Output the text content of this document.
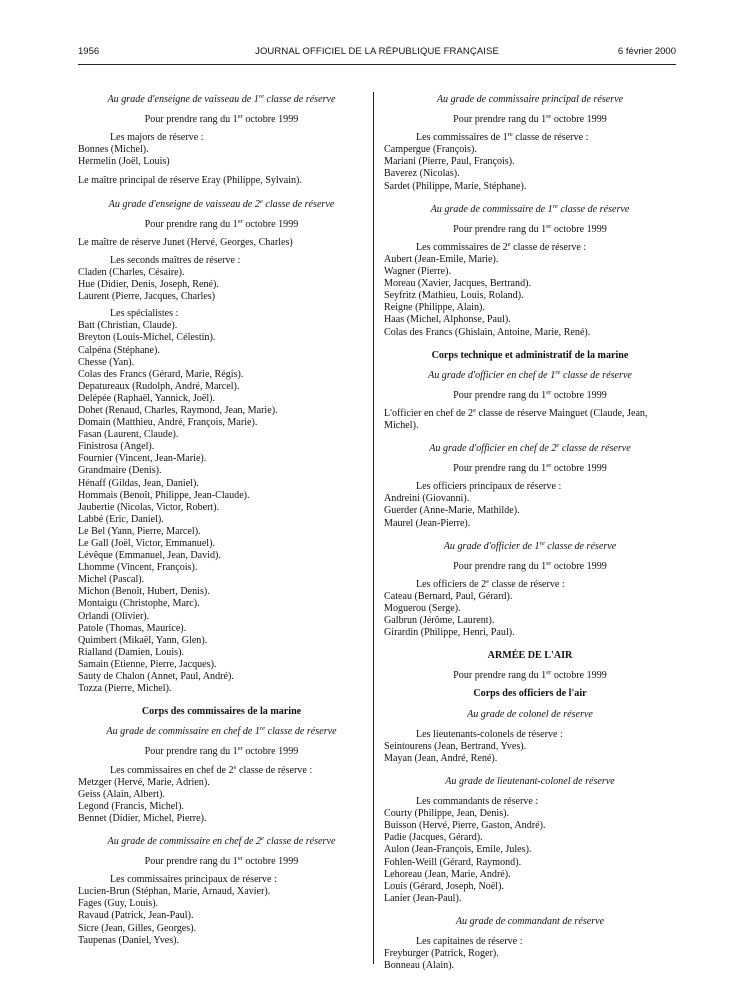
1956	JOURNAL OFFICIEL DE LA RÉPUBLIQUE FRANÇAISE	6 février 2000
Au grade d'enseigne de vaisseau de 1re classe de réserve
Pour prendre rang du 1er octobre 1999
Les majors de réserve :
Bonnes (Michel).
Hermelin (Joël, Louis)
Le maître principal de réserve Eray (Philippe, Sylvain).
Au grade d'enseigne de vaisseau de 2e classe de réserve
Pour prendre rang du 1er octobre 1999
Le maître de réserve Junet (Hervé, Georges, Charles)
Les seconds maîtres de réserve :
Claden (Charles, Césaire).
Hue (Didier, Denis, Joseph, René).
Laurent (Pierre, Jacques, Charles)
Les spécialistes :
Batt (Christian, Claude).
Breyton (Louis-Michel, Célestin).
Calpéna (Stéphane).
Chesse (Yan).
Colas des Francs (Gérard, Marie, Régis).
Depatureaux (Rudolph, André, Marcel).
Delépée (Raphaël, Yannick, Joël).
Dohet (Renaud, Charles, Raymond, Jean, Marie).
Domain (Matthieu, André, François, Marie).
Fasan (Laurent, Claude).
Finistrosa (Angel).
Fournier (Vincent, Jean-Marie).
Grandmaire (Denis).
Hénaff (Gildas, Jean, Daniel).
Hommais (Benoît, Philippe, Jean-Claude).
Jaubertie (Nicolas, Victor, Robert).
Labbé (Eric, Daniel).
Le Bel (Yann, Pierre, Marcel).
Le Gall (Joël, Victor, Emmanuel).
Lévêque (Emmanuel, Jean, David).
Lhomme (Vincent, François).
Michel (Pascal).
Michon (Benoît, Hubert, Denis).
Montaigu (Christophe, Marc).
Orlandi (Olivier).
Patole (Thomas, Maurice).
Quimbert (Mikaël, Yann, Glen).
Rialland (Damien, Louis).
Samain (Etienne, Pierre, Jacques).
Sauty de Chalon (Annet, Paul, André).
Tozza (Pierre, Michel).
Corps des commissaires de la marine
Au grade de commissaire en chef de 1re classe de réserve
Pour prendre rang du 1er octobre 1999
Les commissaires en chef de 2e classe de réserve :
Metzger (Hervé, Marie, Adrien).
Geiss (Alain, Albert).
Legond (Francis, Michel).
Bennet (Didier, Michel, Pierre).
Au grade de commissaire en chef de 2e classe de réserve
Pour prendre rang du 1er octobre 1999
Les commissaires principaux de réserve :
Lucien-Brun (Stéphan, Marie, Arnaud, Xavier).
Fages (Guy, Louis).
Ravaud (Patrick, Jean-Paul).
Sicre (Jean, Gilles, Georges).
Taupenas (Daniel, Yves).
Au grade de commissaire principal de réserve
Pour prendre rang du 1er octobre 1999
Les commissaires de 1re classe de réserve :
Campergue (François).
Mariani (Pierre, Paul, François).
Baverez (Nicolas).
Sardet (Philippe, Marie, Stéphane).
Au grade de commissaire de 1re classe de réserve
Pour prendre rang du 1er octobre 1999
Les commissaires de 2e classe de réserve :
Aubert (Jean-Emile, Marie).
Wagner (Pierre).
Moreau (Xavier, Jacques, Bertrand).
Seyfritz (Mathieu, Louis, Roland).
Reigne (Philippe, Alain).
Haas (Michel, Alphonse, Paul).
Colas des Francs (Ghislain, Antoine, Marie, René).
Corps technique et administratif de la marine
Au grade d'officier en chef de 1re classe de réserve
Pour prendre rang du 1er octobre 1999
L'officier en chef de 2e classe de réserve Mainguet (Claude, Jean, Michel).
Au grade d'officier en chef de 2e classe de réserve
Pour prendre rang du 1er octobre 1999
Les officiers principaux de réserve :
Andreini (Giovanni).
Guerder (Anne-Marie, Mathilde).
Maurel (Jean-Pierre).
Au grade d'officier de 1re classe de réserve
Pour prendre rang du 1er octobre 1999
Les officiers de 2e classe de réserve :
Cateau (Bernard, Paul, Gérard).
Moguerou (Serge).
Galbrun (Jérôme, Laurent).
Girardin (Philippe, Henri, Paul).
ARMÉE DE L'AIR
Pour prendre rang du 1er octobre 1999
Corps des officiers de l'air
Au grade de colonel de réserve
Les lieutenants-colonels de réserve :
Seintourens (Jean, Bertrand, Yves).
Mayan (Jean, André, René).
Au grade de lieutenant-colonel de réserve
Les commandants de réserve :
Courty (Philippe, Jean, Denis).
Buisson (Hervé, Pierre, Gaston, André).
Padie (Jacques, Gérard).
Aulon (Jean-François, Emile, Jules).
Fohlen-Weill (Gérard, Raymond).
Lehoreau (Jean, Marie, André).
Louis (Gérard, Joseph, Noël).
Lanier (Jean-Paul).
Au grade de commandant de réserve
Les capitaines de réserve :
Freyburger (Patrick, Roger).
Bonneau (Alain).
